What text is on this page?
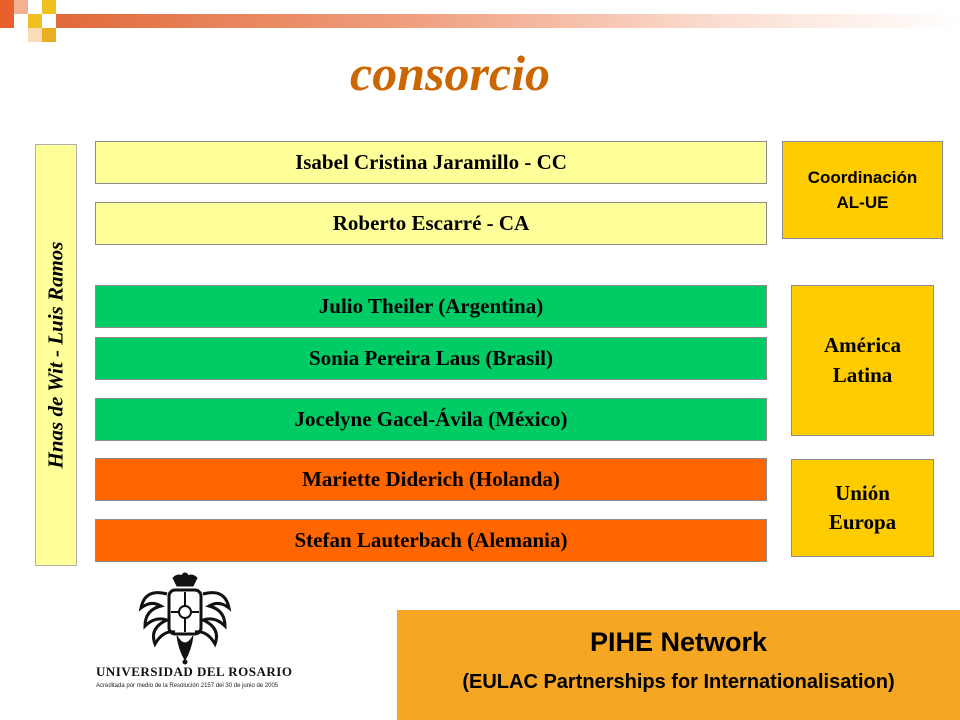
consorcio
Hnas de Wit - Luis Ramos
Isabel Cristina Jaramillo - CC
Roberto Escarré - CA
Julio Theiler (Argentina)
Sonia Pereira Laus (Brasil)
Jocelyne Gacel-Ávila (México)
Mariette Diderich (Holanda)
Stefan Lauterbach (Alemania)
Coordinación
AL-UE
América
Latina
Unión
Europa
UNIVERSIDAD DEL ROSARIO
Acreditada por medio de la Resolución 2157 del 30 de junio de 2005
PIHE Network
(EULAC Partnerships for Internationalisation)
